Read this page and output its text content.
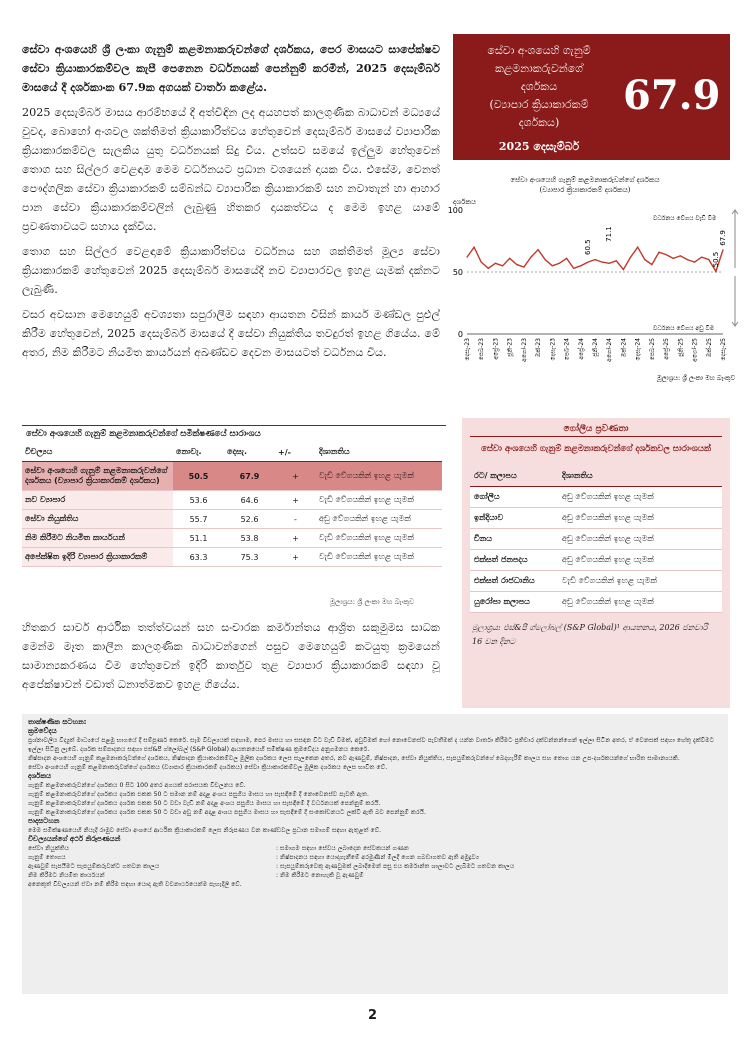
සේවා අංශයෙහි ශ්‍රී ලංකා ගැනුම් කළමනාකරුවන්ගේ දර්ශකය, පෙර මාසයට සාපේක්ෂව සේවා ක්‍රියාකාරකම්වල කැපී පෙනෙන වර්ධනයක් පෙන්නුම් කරමින්, 2025 දෙසැම්බර් මාසයේ දී දර්ශකාංක 67.9ක අගයක් වාර්තා කළේය.

2025 දෙසැම්බර් මාසය ආරම්භයේ දී අත්විඳින ලද අයහපත් කාලගුණික බාධාවන් මධ්‍යයේ වුවද, බොහෝ අංශවල ශක්තිමත් ක්‍රියාකාරිත්වය හේතුවෙන් දෙසැම්බර් මාසයේ ව්‍යාපාරික ක්‍රියාකාරකම්වල සැලකිය යුතු වර්ධනයක් සිදු විය. උත්සව සමයේ ඉල්ලුම හේතුවෙන් තොග සහ සිල්ලර වෙළඳාම මෙම වර්ධනයට ප්‍රධාන වශයෙන් දායක විය. එසේම, වෙනත් පෞද්ගලික සේවා ක්‍රියාකාරකම් සම්බන්ධ ව්‍යාපාරික ක්‍රියාකාරකම් සහ නවාතැන් හා ආහාර පාන සේවා ක්‍රියාකාරකම්වලින් ලැබුණු හිතකර දායකත්වය ද මෙම ඉහළ යාමේ ප්‍රවණතාවයට සහාය දැක්විය.

තොග සහ සිල්ලර වෙළඳාමේ ක්‍රියාකාරිත්වය වර්ධනය සහ ශක්තිමත් මූල්‍ය සේවා ක්‍රියාකාරකම් හේතුවෙන් 2025 දෙසැම්බර් මාසයේදී නව ව්‍යාපාරවල ඉහළ යැමක් දක්නට ලැබුණි.

වසර අවසාන මෙහෙයුම් අවශ්‍යතා සපුරාලීම සඳහා ආයතන විසින් කාර්ය මණ්ඩල පුළුල් කිරීම හේතුවෙන්, 2025 දෙසැම්බර් මාසයේ දී සේවා නියුක්තිය තවදුරත් ඉහළ ගියේය. මේ අතර, නිම කිරීමට නියමිත කාර්යයන් අඛණ්ඩව දෙවන මාසයටත් වර්ධනය විය.

සේවා අංශයෙහි ගැනුම්
කළමනාකරුවන්ගේ
දර්ශකය
(ව්‍යාපාර ක්‍රියාකාරකම්
දර්ශකය)
2025 දෙසැම්බර්
67.9
සේවා අංශයෙහි ගැනුම් කළමනාකරුවන්ගේ දර්ශකය
(ව්‍යාපාර ක්‍රියාකාරකම් දර්ශකය)
දර්ශකය
0
50
100
60.5
71.1
50.5
67.9
දෙසැ-23 පෙබ-23 අප්‍රේ-23 ජූනි-23 අගෝ-23 ඔක්-23 දෙසැ-23 පෙබ-24 අප්‍රේ-24 ජූනි-24 අගෝ-24 ඔක්-24 දෙසැ-24 පෙබ-25 අප්‍රේ-25 ජූනි-25 අගෝ-25 ඔක්-25 දෙසැ-25
වර්ධනය වේගය වැඩි විම
වර්ධනය වේගය අඩු විම
මූලාශ්‍රය: ශ්‍රී ලංකා මහ බැංකුව
සේවා අංශයෙහි ගැනුම් කළමනාකරුවන්ගේ සමීක්ෂණයේ සාරාංශය
විචල්‍යය	නොවැ.	දෙසැ.	+/-	දිශානතිය
සේවා අංශයෙහි ගැනුම් කළමනාකරුවන්ගේ දර්ශකය (ව්‍යාපාර ක්‍රියාකාරකම් දර්ශකය)	50.5	67.9	+	වැඩි වේගයකින් ඉහළ යැමක්
නව ව්‍යාපාර	53.6	64.6	+	වැඩි වේගයකින් ඉහළ යැමක්
සේවා නියුක්තිය	55.7	52.6	-	අඩු වේගයකින් ඉහළ යැමක්
නිම කිරීමට නියමිත කාර්යයන්	51.1	53.8	+	වැඩි වේගයකින් ඉහළ යැමක්
අපේක්ෂිත ඉදිරි ව්‍යාපාර ක්‍රියාකාරකම්	63.3	75.3	+	වැඩි වේගයකින් ඉහළ යැමක්
මූලාශ්‍රය: ශ්‍රී ලංකා මහ බැංකුව

හිතකර සාර්ව ආර්ථික තත්ත්වයන් සහ සංචාරක කර්මාන්තය ආශ්‍රිත සකුමුමස සාධක මෙන්ම මෑත කාලීන කාලගුණික බාධාවන්ගෙන් පසුව මෙහෙයුම් කටයුතු ක්‍රමයෙන් සාමාන්‍යකරණය වීම හේතුවෙන් ඉදිරි කාර්තුව තුළ ව්‍යාපාර ක්‍රියාකාරකම් සඳහා වූ අපේක්ෂාවන් වඩාත් ධනාත්මකව ඉහළ ගියේය.

ගෝලීය ප්‍රවණතා
සේවා අංශයෙහි ගැනුම් කළමනාකරුවන්ගේ දර්ශකවල සාරාංශයක්
රට/ කලාපය	දිශානතිය
ගෝලීය	අඩු වේගයකින් ඉහළ යැමක්
ඉන්දියාව	අඩු වේගයකින් ඉහළ යැමක්
චීනය	අඩු වේගයකින් ඉහළ යැමක්
එක්සත් ජනපදය	අඩු වේගයකින් ඉහළ යැමක්
එක්සත් රාජධානිය	වැඩි වේගයකින් ඉහළ යැමක්
යුරෝපා කලාපය	අඩු වේගයකින් ඉහළ යැමක්
මූලාශ්‍රය: එස්&පී ග්ලෝබල් (S&P Global)¹ ආයතනය, 2026 ජනවාරි 16 වන දිනට
තාක්ෂණික සටහන:
ක්‍රමවේදය
ප්‍රශ්නාවලිය විද්‍යුත් මාධ්‍යයේ පළමු භාගයේ දී සම්පූර්ණ කෙරේ. සෑම විචල්‍යයක් සඳහාම, පෙර මාසය හා සසඳන විට වැඩි වීමක්, අඩුවීමක් හෝ නොවෙනස්ව පැවතීමක් ද යන්න වාර්තා කිරීමට ප්‍රතිචාර දක්වන්නන්ගෙන් ඉල්ලා සිටින අතර, ඒ වෙනසක් සඳහා හේතු දැක්වීමට ඉල්ලා සිටිනු ලැබේ. දර්ශක සම්පාදනය සඳහා එස්&පී ග්ලෝබල් (S&P Global) ආයතනයෙහි සමීක්ෂණ ක්‍රමවේදය අනුගමනය කෙරේ.
නිෂ්පාදන අංශයෙහි ගැනුම් කළමනාකරුවන්ගේ දර්ශකය, නිෂ්පාදන ක්‍රියාකාරකම්වල මූලික දර්ශකය ලෙස සැලකෙන අතර, නව ඇණවුම්, නිෂ්පාදන, සේවා නියුක්තිය, සැපයුම්කරුවන්ගේ බෙදාහැරීම් කාලය සහ තොග යන උප-දර්ශකයන්ගේ භාරිත සාමාන්‍යයකි.
සේවා අංශයෙහි ගැනුම් කළමනාකරුවන්ගේ දර්ශකය (ව්‍යාපාර ක්‍රියාකාරකම් දර්ශකය) සේවා ක්‍රියාකාරකම්වල මූලික දර්ශකය ලෙස භාවිත වේ.
දර්ශකය
ගැනුම් කළමනාකරුවන්ගේ දර්ශකය 0 සිට 100 අතර අගයක් පරාසයක විචලනය වේ.
ගැනුම් කළමනාකරුවන්ගේ දර්ශකය දර්ශක එකක 50 ට සමාන නම් අදාළ අංශය පසුගිය මාසය හා සැසඳීමේ දී නොවෙනස්ව පැවති ඇත.
ගැනුම් කළමනාකරුවන්ගේ දර්ශකය දර්ශක එකක 50 ට වඩා වැඩි නම් අදාළ අංශය පසුගිය මාසය හා සැසඳීමේ දී වර්ධනයක් පෙන්නුම් කරයි.
ගැනුම් කළමනාකරුවන්ගේ දර්ශකය දර්ශක එකක 50 ට වඩා අඩු නම් අදාළ අංශය පසුගිය මාසය හා සැසඳීමේ දී සංකෝචනයට ලක්වී ඇති බව පෙන්නුම් කරයි.
පාදසටහන
මෙම සමීක්ෂණයෙහි නියැදි රාමුව සේවා අංශයේ ආර්ථික ක්‍රියාකාරකම් ලෙස නිරූපණය වන කාණ්ඩවල ප්‍රධාන සමාගම් සඳහා ඇතුළත් වේ.
විචල්‍යයන්ගේ අර්ථ නිරූපණයන්
සේවා නියුක්තිය	: සමාගම සඳහා සේවය ලබාදෙන සේවකයන් ගණන
ගැනුම් තොගය	: නිෂ්පාදනය සඳහා යොදාගැනීමේ අරමුණින් මිලදී ගෙන ගබඩාගතව ඇති අමුද්‍රව්‍ය
ඇණවුම් සැපයීමට සැපයුම්කරුවන්ට ගතවන කාලය	: සැපයුම්කරුවෙකු ඇණවුමක් ලබාදීමෙන් පසු එය කර්මාන්ත ශාලාවට ලැබීමට ගතවන කාලය
නිම කිරීමට නියමිත කාර්යයන්	: නිම කිරීමට නොහැකි වූ ඇණවුම්
අනෙකුත් විචල්‍යයන් ඒවා නම් කිරීම සඳහා යොදා ඇති වචනාර්ථයෙන්ම පැහැදිලි වේ.
2
